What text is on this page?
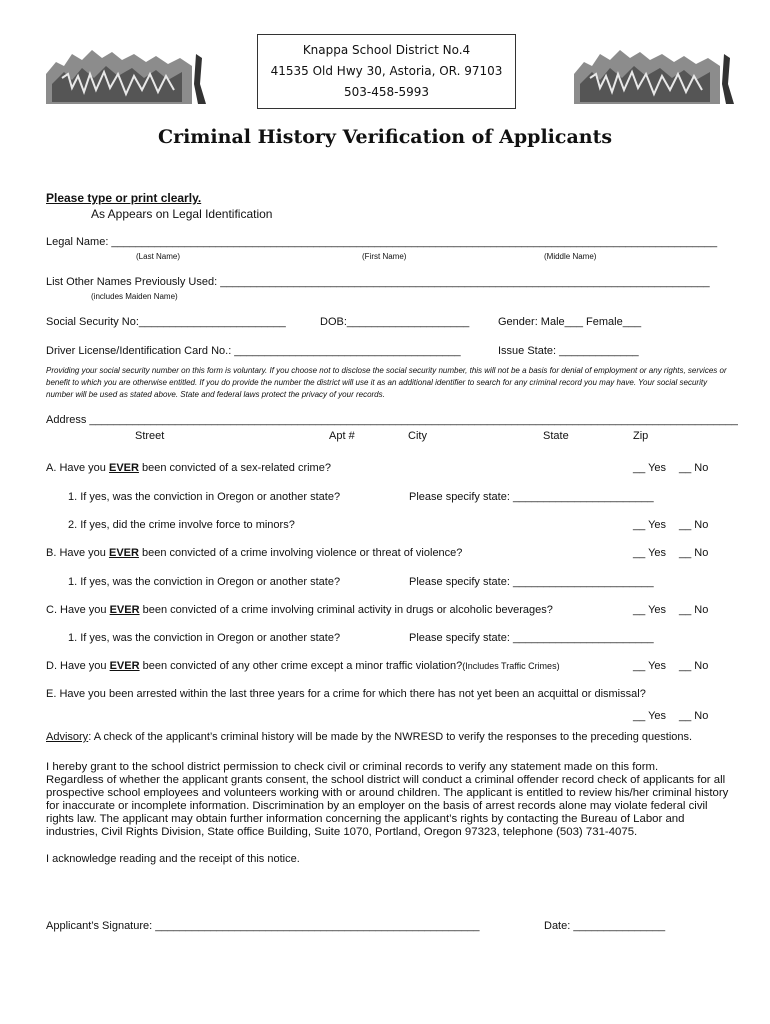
Knappa School District No.4
41535 Old Hwy 30, Astoria, OR. 97103
503-458-5993
Criminal History Verification of Applicants
Please type or print clearly.
As Appears on Legal Identification
Legal Name: ___________________________________________________________________________________________________
(Last Name)	(First Name)	(Middle Name)
List Other Names Previously Used: ________________________________________________________________________________
(includes Maiden Name)
Social Security No:________________________	DOB:____________________	Gender: Male___ Female___
Driver License/Identification Card No.: _____________________________________	Issue State: _____________
Providing your social security number on this form is voluntary. If you choose not to disclose the social security number, this will not be a basis for denial of employment or any rights, services or benefit to which you are otherwise entitled. If you do provide the number the district will use it as an additional identifier to search for any criminal record you may have. Your social security number will be used as stated above. State and federal laws protect the privacy of your records.
Address __________________________________________________________________________________________________________
Street	Apt #	City	State	Zip
A. Have you EVER been convicted of a sex-related crime?	__ Yes __ No
1. If yes, was the conviction in Oregon or another state?	Please specify state: _______________________
2. If yes, did the crime involve force to minors?	__ Yes __ No
B. Have you EVER been convicted of a crime involving violence or threat of violence?	__ Yes __ No
1. If yes, was the conviction in Oregon or another state?	Please specify state: _______________________
C. Have you EVER been convicted of a crime involving criminal activity in drugs or alcoholic beverages?	__ Yes __ No
1. If yes, was the conviction in Oregon or another state?	Please specify state: _______________________
D. Have you EVER been convicted of any other crime except a minor traffic violation?(Includes Traffic Crimes)	__ Yes __ No
E. Have you been arrested within the last three years for a crime for which there has not yet been an acquittal or dismissal?
__ Yes __ No
Advisory: A check of the applicant’s criminal history will be made by the NWRESD to verify the responses to the preceding questions.
I hereby grant to the school district permission to check civil or criminal records to verify any statement made on this form.
Regardless of whether the applicant grants consent, the school district will conduct a criminal offender record check of applicants for all
prospective school employees and volunteers working with or around children. The applicant is entitled to review his/her criminal history
for inaccurate or incomplete information. Discrimination by an employer on the basis of arrest records alone may violate federal civil
rights law. The applicant may obtain further information concerning the applicant’s rights by contacting the Bureau of Labor and
industries, Civil Rights Division, State office Building, Suite 1070, Portland, Oregon 97323, telephone (503) 731-4075.
I acknowledge reading and the receipt of this notice.
Applicant’s Signature: _____________________________________________________	Date: _______________
